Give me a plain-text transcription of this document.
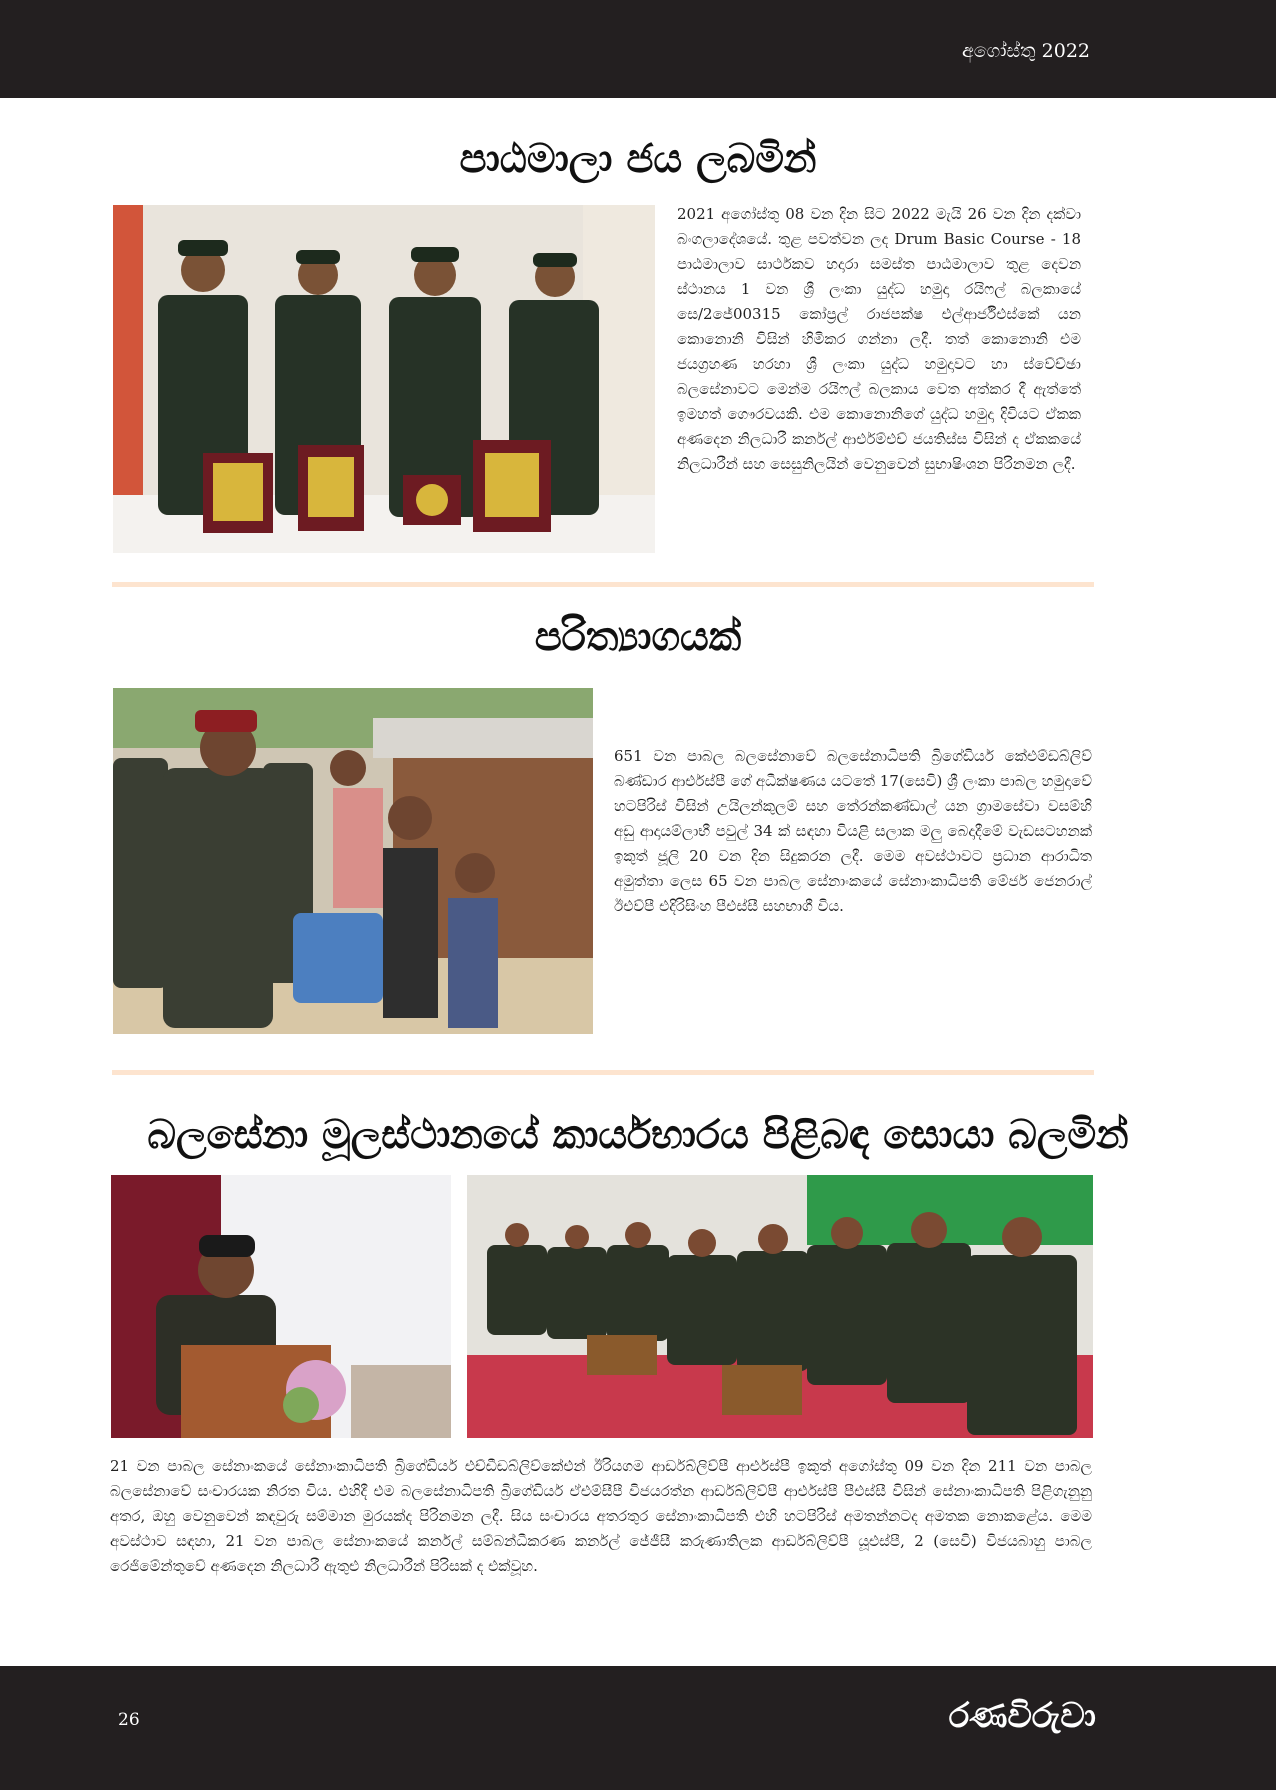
අගෝස්තු 2022
පාඨමාලා ජය ලබමින්
2021 අගෝස්තු 08 වන දින සිට 2022 මැයි 26 වන දින දක්වා බංගලාදේශයේ. තුළ පවත්වන ලද Drum Basic Course - 18 පාඨමාලාව සාර්ථකව හදාරා සමස්ත පාඨමාලාව තුළ දෙවන ස්ථානය 1 වන ශ්‍රී ලංකා යුද්ධ හමුදා රයිෆල් බලකායේ සෙ/2ජේ00315 කෝප්‍රල් රාජපක්ෂ එල්ආර්ජීඑස්කේ යන කොනොනි විසින් හිමිකර ගන්නා ලදී. තත් කොනොනි එම ජයග්‍රහණ හරහා ශ්‍රී ලංකා යුද්ධ හමුදාවට හා ස්වේච්ඡා බලසේනාවට මෙන්ම රයිෆල් බලකාය වෙත අත්කර දී ඇත්තේ ඉමහත් ගෞරවයකි. එම කොනොනිගේ යුද්ධ හමුදා දිවියට ඒකක අණදෙන නිලධාරී කර්නල් ආර්එම්එච් ජයතිස්ස විසින් ද ඒකකයේ නිලධාරීන් සහ සෙසුනිලයින් වෙනුවෙන් සුභාෂිංශන පිරිනමන ලදී.
පරිත්‍යාගයක්
651 වන පාබල බලසේනාවේ බලසේනාධිපති බ්‍රිගේඩියර් කේඑම්ඩබ්ලිව් බණ්ඩාර ආර්එස්පී ගේ අධීක්ෂණය යටතේ 17(සෙවි) ශ්‍රී ලංකා පාබල හමුදාවේ හටපිරිස් විසින් උයිලන්කුලම් සහ තේරන්කණ්ඩාල් යන ග්‍රාමසේවා වසම්හි අඩු ආදායම්ලාභී පවුල් 34 ක් සඳහා වියළි සලාක මලු බෙදාදීමේ වැඩසටහනක් ඉකුත් ජූලි 20 වන දින සිදුකරන ලදී. මෙම අවස්ථාවට ප්‍රධාන ආරාධිත අමුත්තා ලෙස 65 වන පාබල සේනාංකයේ සේනාංකාධිපති මේජර් ජෙනරාල් ඊඑව්පී එදිරිසිංහ පීඑස්සී සහභාගී විය.
බලසේනා මූලස්ථානයේ කාර්යභාරය පිළිබඳ සොයා බලමින්
21 වන පාබල සේනාංකයේ සේනාංකාධිපති බ්‍රිගේඩියර් එච්ඩීඩබ්ලිව්කේඑන් ඊරියගම ආර්ඩබ්ලිව්පී ආර්එස්පී ඉකුත් අගෝස්තු 09 වන දින 211 වන පාබල බලසේනාවේ සංචාරයක නිරත විය. එහිදී එම බලසේනාධිපති බ්‍රිගේඩියර් ඒඑම්සීපී විජයරත්න ආර්ඩබ්ලිව්පී ආර්එස්පී පීඑස්සී විසින් සේනාංකාධිපති පිළිගැනුනු අතර, ඔහු වෙනුවෙන් කඳවුරු සම්මාන මුරයක්ද පිරිනමන ලදී. සිය සංචාරය අතරතුර සේනාංකාධිපති එහි හටපිරිස් අමතන්නටද අමතක නොකළේය. මෙම අවස්ථාව සඳහා, 21 වන පාබල සේනාංකයේ කර්නල් සම්බන්ධීකරණ කර්නල් ජේජීසී කරුණාතිලක ආර්ඩබ්ලිව්පී යූඑස්පී, 2 (සෙවි) විජයබාහු පාබල රෙජිමේන්තුවේ අණදෙන නිලධාරී ඇතුළු නිලධාරීන් පිරිසක් ද එක්වූහ.
26	රණවිරුවා
